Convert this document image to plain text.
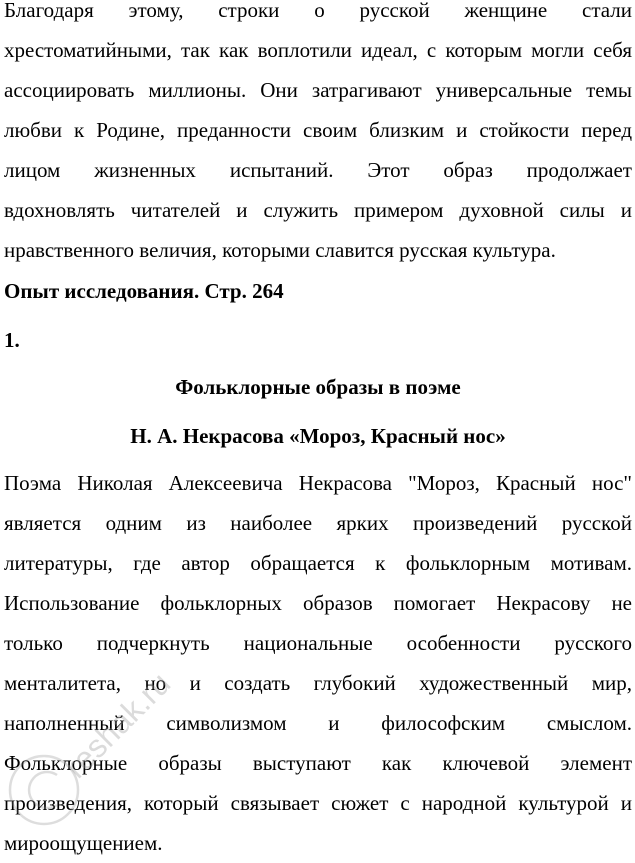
Благодаря этому, строки о русской женщине стали
хрестоматийными, так как воплотили идеал, с которым могли себя
ассоциировать миллионы. Они затрагивают универсальные темы
любви к Родине, преданности своим близким и стойкости перед
лицом жизненных испытаний. Этот образ продолжает
вдохновлять читателей и служить примером духовной силы и
нравственного величия, которыми славится русская культура.
Опыт исследования. Стр. 264
1.
Фольклорные образы в поэме
Н. А. Некрасова «Мороз, Красный нос»
Поэма Николая Алексеевича Некрасова "Мороз, Красный нос"
является одним из наиболее ярких произведений русской
литературы, где автор обращается к фольклорным мотивам.
Использование фольклорных образов помогает Некрасову не
только подчеркнуть национальные особенности русского
менталитета, но и создать глубокий художественный мир,
наполненный символизмом и философским смыслом.
Фольклорные образы выступают как ключевой элемент
произведения, который связывает сюжет с народной культурой и
мироощущением.
reshak.ru
